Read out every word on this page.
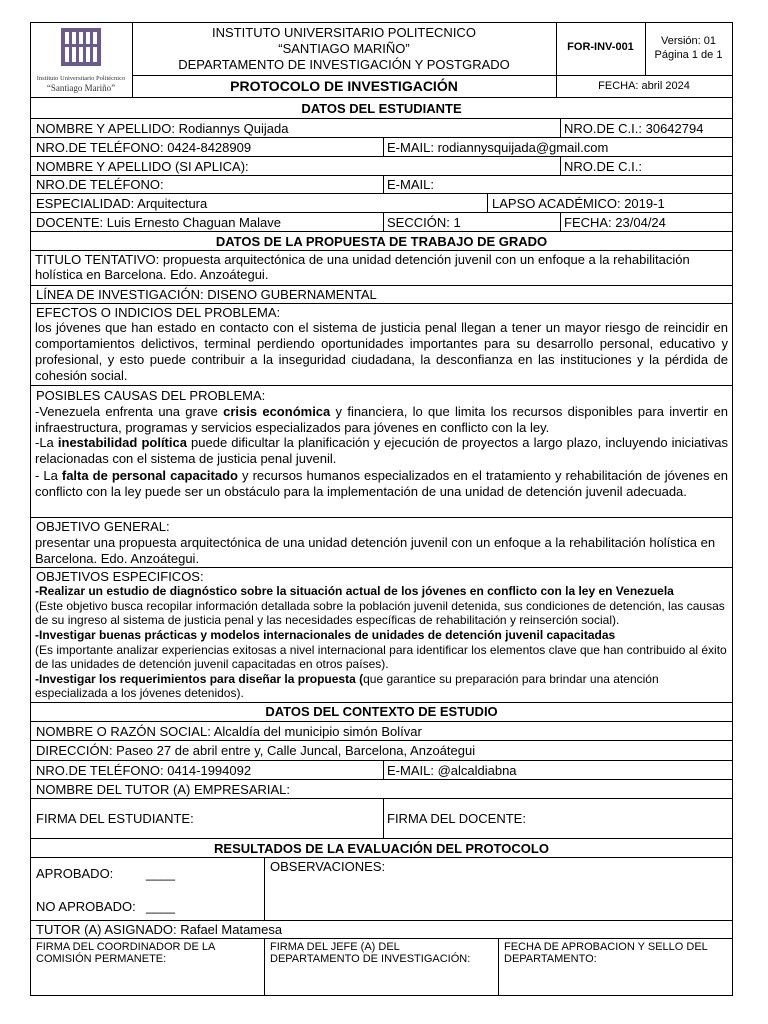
Instituto Universitario Politécnico
“Santiago Mariño”
INSTITUTO UNIVERSITARIO POLITECNICO
“SANTIAGO MARIÑO”
DEPARTAMENTO DE INVESTIGACIÓN Y POSTGRADO
PROTOCOLO DE INVESTIGACIÓN
FOR-INV-001	Versión: 01
Página 1 de 1
FECHA: abril 2024
DATOS DEL ESTUDIANTE
NOMBRE Y APELLIDO: Rodiannys Quijada	NRO.DE C.I.: 30642794
NRO.DE TELÉFONO: 0424-8428909	E-MAIL: rodiannysquijada@gmail.com
NOMBRE Y APELLIDO (SI APLICA):	NRO.DE C.I.:
NRO.DE TELÉFONO:	E-MAIL:
ESPECIALIDAD: Arquitectura	LAPSO ACADÉMICO: 2019-1
DOCENTE: Luis Ernesto Chaguan Malave	SECCIÓN: 1	FECHA: 23/04/24
DATOS DE LA PROPUESTA DE TRABAJO DE GRADO
TITULO TENTATIVO: propuesta arquitectónica de una unidad detención juvenil con un enfoque a la rehabilitación holística en Barcelona. Edo. Anzoátegui.
LÍNEA DE INVESTIGACIÓN: DISENO GUBERNAMENTAL
EFECTOS O INDICIOS DEL PROBLEMA:
los jóvenes que han estado en contacto con el sistema de justicia penal llegan a tener un mayor riesgo de reincidir en comportamientos delictivos, terminal perdiendo oportunidades importantes para su desarrollo personal, educativo y profesional, y esto puede contribuir a la inseguridad ciudadana, la desconfianza en las instituciones y la pérdida de cohesión social.
POSIBLES CAUSAS DEL PROBLEMA:
-Venezuela enfrenta una grave crisis económica y financiera, lo que limita los recursos disponibles para invertir en infraestructura, programas y servicios especializados para jóvenes en conflicto con la ley.
-La inestabilidad política puede dificultar la planificación y ejecución de proyectos a largo plazo, incluyendo iniciativas relacionadas con el sistema de justicia penal juvenil.
- La falta de personal capacitado y recursos humanos especializados en el tratamiento y rehabilitación de jóvenes en conflicto con la ley puede ser un obstáculo para la implementación de una unidad de detención juvenil adecuada.
OBJETIVO GENERAL:
presentar una propuesta arquitectónica de una unidad detención juvenil con un enfoque a la rehabilitación holística en Barcelona. Edo. Anzoátegui.
OBJETIVOS ESPECIFICOS:
-Realizar un estudio de diagnóstico sobre la situación actual de los jóvenes en conflicto con la ley en Venezuela
(Este objetivo busca recopilar información detallada sobre la población juvenil detenida, sus condiciones de detención, las causas de su ingreso al sistema de justicia penal y las necesidades específicas de rehabilitación y reinserción social).
-Investigar buenas prácticas y modelos internacionales de unidades de detención juvenil capacitadas
(Es importante analizar experiencias exitosas a nivel internacional para identificar los elementos clave que han contribuido al éxito de las unidades de detención juvenil capacitadas en otros países).
-Investigar los requerimientos para diseñar la propuesta (que garantice su preparación para brindar una atención especializada a los jóvenes detenidos).
DATOS DEL CONTEXTO DE ESTUDIO
NOMBRE O RAZÓN SOCIAL: Alcaldía del municipio simón Bolívar
DIRECCIÓN: Paseo 27 de abril entre y, Calle Juncal, Barcelona, Anzoátegui
NRO.DE TELÉFONO: 0414-1994092	E-MAIL: @alcaldiabna
NOMBRE DEL TUTOR (A) EMPRESARIAL:
FIRMA DEL ESTUDIANTE:	FIRMA DEL DOCENTE:
RESULTADOS DE LA EVALUACIÓN DEL PROTOCOLO
APROBADO:	____
NO APROBADO: ____
OBSERVACIONES:
TUTOR (A) ASIGNADO: Rafael Matamesa
FIRMA DEL COORDINADOR DE LA COMISIÓN PERMANETE:
FIRMA DEL JEFE (A) DEL DEPARTAMENTO DE INVESTIGACIÓN:
FECHA DE APROBACION Y SELLO DEL DEPARTAMENTO:
